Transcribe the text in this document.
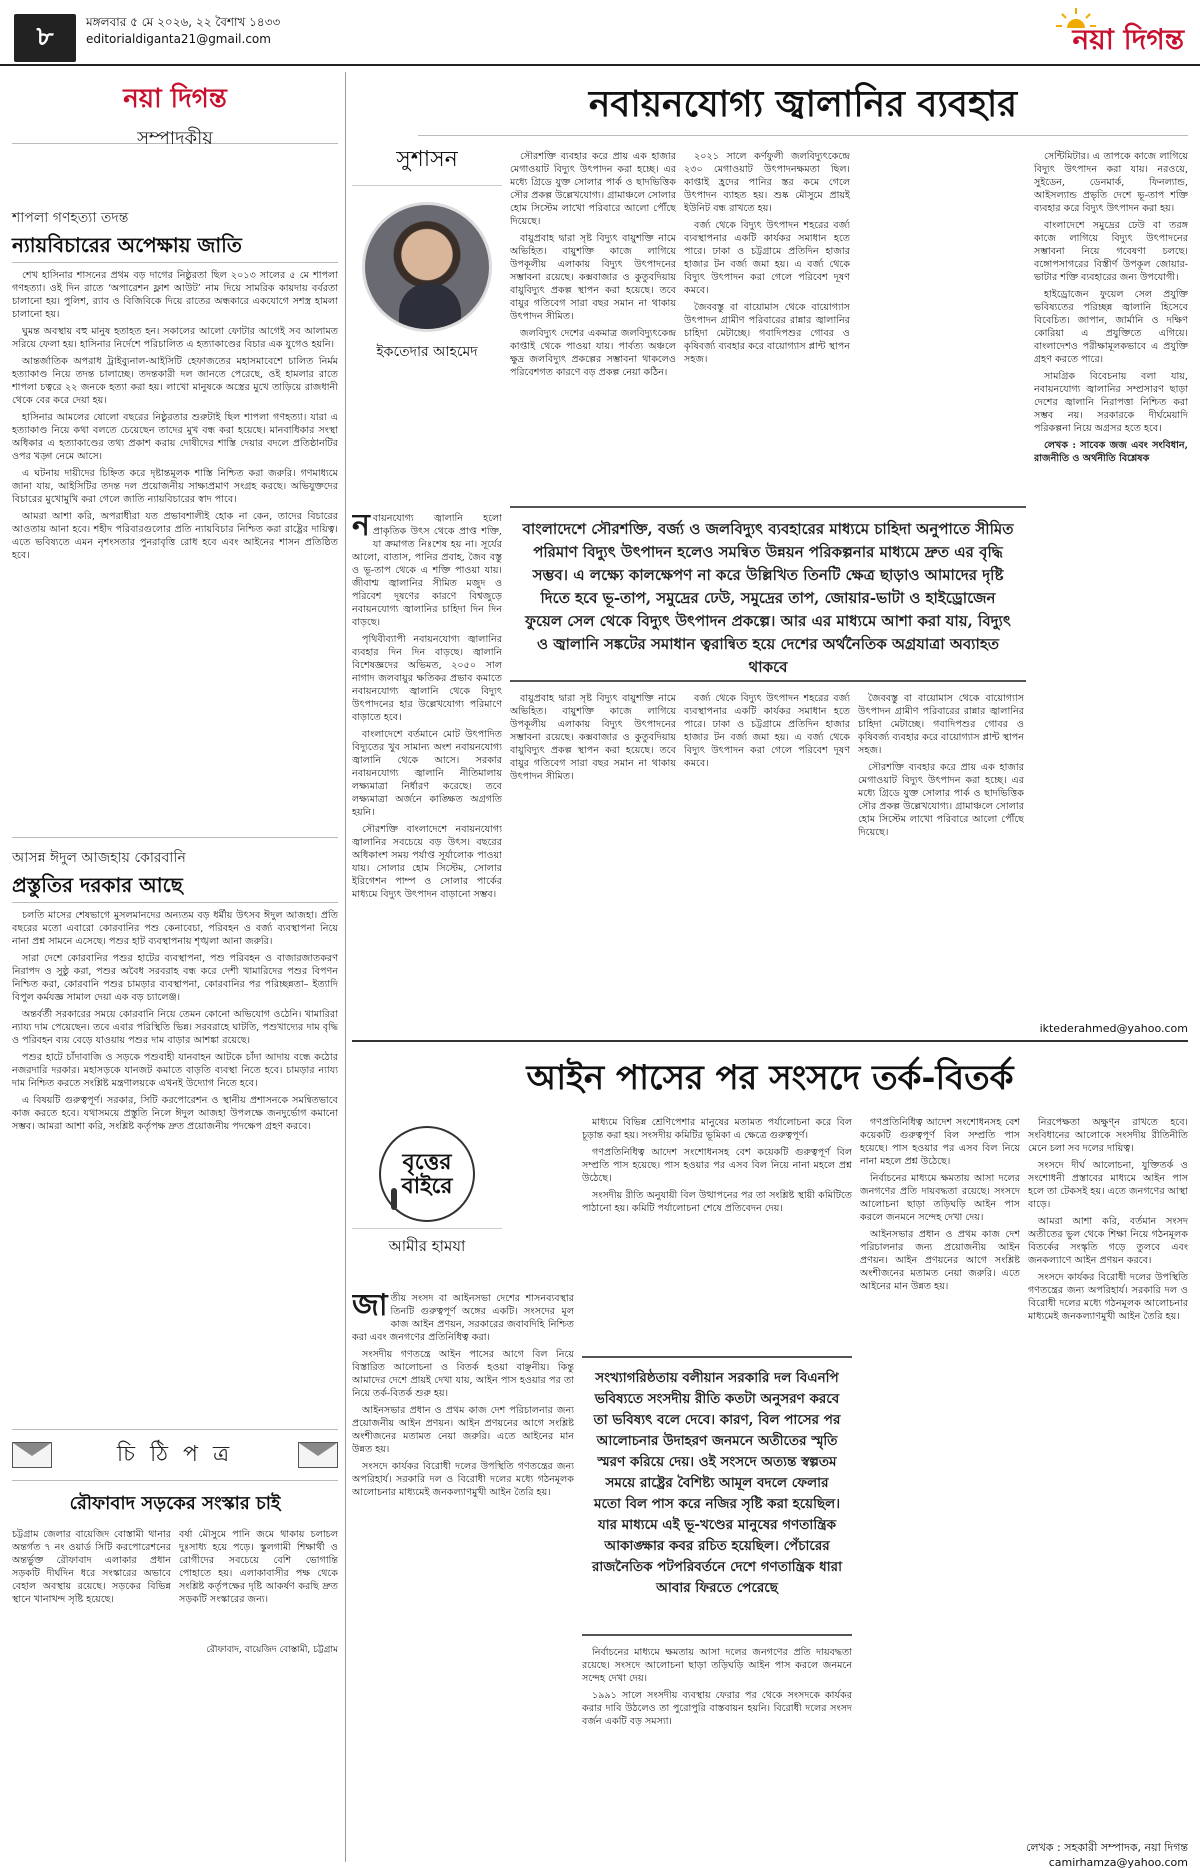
৮	মঙ্গলবার ৫ মে ২০২৬, ২২ বৈশাখ ১৪৩৩
editorialdiganta21@gmail.com	নয়া দিগন্ত
নয়া দিগন্ত
সম্পাদকীয়
শাপলা গণহত্যা তদন্ত
ন্যায়বিচারের অপেক্ষায় জাতি

শেখ হাসিনার শাসনের প্রথম বড় দাগের নিষ্ঠুরতা ছিল ২০১৩ সালের ৫ মে শাপলা গণহত্যা। ওই দিন রাতে ‘অপারেশন ফ্লাশ আউট’ নাম দিয়ে সামরিক কায়দায় বর্বরতা চালানো হয়। পুলিশ, র‌্যাব ও বিজিবিকে দিয়ে রাতের অন্ধকারে একযোগে সশস্ত্র হামলা চালানো হয়।

ঘুমন্ত অবস্থায় বহু মানুষ হতাহত হন। সকালের আলো ফোটার আগেই সব আলামত সরিয়ে ফেলা হয়। হাসিনার নির্দেশে পরিচালিত এ হত্যাকাণ্ডের বিচার এক যুগেও হয়নি।

আন্তর্জাতিক অপরাধ ট্রাইব্যুনাল-আইসিটি হেফাজতের মহাসমাবেশে চালিত নির্মম হত্যাকাণ্ড নিয়ে তদন্ত চালাচ্ছে। তদন্তকারী দল জানতে পেরেছে, ওই হামলার রাতে শাপলা চত্বরে ২২ জনকে হত্যা করা হয়। লাখো মানুষকে অস্ত্রের মুখে তাড়িয়ে রাজধানী থেকে বের করে দেয়া হয়।

হাসিনার আমলের ষোলো বছরের নিষ্ঠুরতার শুরুটাই ছিল শাপলা গণহত্যা। যারা এ হত্যাকাণ্ড নিয়ে কথা বলতে চেয়েছেন তাদের মুখ বন্ধ করা হয়েছে। মানবাধিকার সংস্থা অধিকার এ হত্যাকাণ্ডের তথ্য প্রকাশ করায় দোষীদের শাস্তি দেয়ার বদলে প্রতিষ্ঠানটির ওপর খড়্গ নেমে আসে।

এ ঘটনায় দায়ীদের চিহ্নিত করে দৃষ্টান্তমূলক শাস্তি নিশ্চিত করা জরুরি। গণমাধ্যমে জানা যায়, আইসিটির তদন্ত দল প্রয়োজনীয় সাক্ষ্যপ্রমাণ সংগ্রহ করছে। অভিযুক্তদের বিচারের মুখোমুখি করা গেলে জাতি ন্যায়বিচারের স্বাদ পাবে।

আমরা আশা করি, অপরাধীরা যত প্রভাবশালীই হোক না কেন, তাদের বিচারের আওতায় আনা হবে। শহীদ পরিবারগুলোর প্রতি ন্যায়বিচার নিশ্চিত করা রাষ্ট্রের দায়িত্ব। এতে ভবিষ্যতে এমন নৃশংসতার পুনরাবৃত্তি রোধ হবে এবং আইনের শাসন প্রতিষ্ঠিত হবে।

আসন্ন ঈদুল আজহায় কোরবানি
প্রস্তুতির দরকার আছে

চলতি মাসের শেষভাগে মুসলমানদের অন্যতম বড় ধর্মীয় উৎসব ঈদুল আজহা। প্রতি বছরের মতো এবারো কোরবানির পশু কেনাবেচা, পরিবহন ও বর্জ্য ব্যবস্থাপনা নিয়ে নানা প্রশ্ন সামনে এসেছে। পশুর হাট ব্যবস্থাপনায় শৃঙ্খলা আনা জরুরি।

সারা দেশে কোরবানির পশুর হাটের ব্যবস্থাপনা, পশু পরিবহন ও বাজারজাতকরণ নিরাপদ ও সুষ্ঠু করা, পশুর অবৈধ সরবরাহ বন্ধ করে দেশী খামারিদের পশুর বিপণন নিশ্চিত করা, কোরবানি পশুর চামড়ার ব্যবস্থাপনা, কোরবানির পর পরিচ্ছন্নতা– ইত্যাদি বিপুল কর্মযজ্ঞ সামাল দেয়া এক বড় চ্যালেঞ্জ।

অন্তর্বর্তী সরকারের সময়ে কোরবানি নিয়ে তেমন কোনো অভিযোগ ওঠেনি। খামারিরা ন্যায্য দাম পেয়েছেন। তবে এবার পরিস্থিতি ভিন্ন। সরবরাহে ঘাটতি, পশুখাদ্যের দাম বৃদ্ধি ও পরিবহন ব্যয় বেড়ে যাওয়ায় পশুর দাম বাড়ার আশঙ্কা রয়েছে।

পশুর হাটে চাঁদাবাজি ও সড়কে পশুবাহী যানবাহন আটকে চাঁদা আদায় বন্ধে কঠোর নজরদারি দরকার। মহাসড়কে যানজট কমাতে বাড়তি ব্যবস্থা নিতে হবে। চামড়ার ন্যায্য দাম নিশ্চিত করতে সংশ্লিষ্ট মন্ত্রণালয়কে এখনই উদ্যোগ নিতে হবে।

এ বিষয়টি গুরুত্বপূর্ণ। সরকার, সিটি করপোরেশন ও স্থানীয় প্রশাসনকে সমন্বিতভাবে কাজ করতে হবে। যথাসময়ে প্রস্তুতি নিলে ঈদুল আজহা উপলক্ষে জনদুর্ভোগ কমানো সম্ভব। আমরা আশা করি, সংশ্লিষ্ট কর্তৃপক্ষ দ্রুত প্রয়োজনীয় পদক্ষেপ গ্রহণ করবে।

চি ঠি প ত্র
রৌফাবাদ সড়কের সংস্কার চাই
চট্টগ্রাম জেলার বায়েজিদ বোস্তামী থানার অন্তর্গত ৭ নং ওয়ার্ড সিটি করপোরেশনের অন্তর্ভুক্ত রৌফাবাদ এলাকার প্রধান সড়কটি দীর্ঘদিন ধরে সংস্কারের অভাবে বেহাল অবস্থায় রয়েছে। সড়কের বিভিন্ন স্থানে খানাখন্দ সৃষ্টি হয়েছে।
বর্ষা মৌসুমে পানি জমে থাকায় চলাচল দুঃসাধ্য হয়ে পড়ে। স্কুলগামী শিক্ষার্থী ও রোগীদের সবচেয়ে বেশি ভোগান্তি পোহাতে হয়। এলাকাবাসীর পক্ষ থেকে সংশ্লিষ্ট কর্তৃপক্ষের দৃষ্টি আকর্ষণ করছি দ্রুত সড়কটি সংস্কারের জন্য।
রৌফাবাদ, বায়েজিদ বোস্তামী, চট্টগ্রাম
নবায়নযোগ্য জ্বালানির ব্যবহার
সুশাসন
ইকতেদার আহমেদ

নবায়নযোগ্য জ্বালানি হলো প্রাকৃতিক উৎস থেকে প্রাপ্ত শক্তি, যা ক্রমাগত নিঃশেষ হয় না। সূর্যের আলো, বাতাস, পানির প্রবাহ, জৈব বস্তু ও ভূ-তাপ থেকে এ শক্তি পাওয়া যায়। জীবাশ্ম জ্বালানির সীমিত মজুদ ও পরিবেশ দূষণের কারণে বিশ্বজুড়ে নবায়নযোগ্য জ্বালানির চাহিদা দিন দিন বাড়ছে।

পৃথিবীব্যাপী নবায়নযোগ্য জ্বালানির ব্যবহার দিন দিন বাড়ছে। জ্বালানি বিশেষজ্ঞদের অভিমত, ২০৫০ সাল নাগাদ জলবায়ুর ক্ষতিকর প্রভাব কমাতে নবায়নযোগ্য জ্বালানি থেকে বিদ্যুৎ উৎপাদনের হার উল্লেখযোগ্য পরিমাণে বাড়াতে হবে।

বাংলাদেশে বর্তমানে মোট উৎপাদিত বিদ্যুতের খুব সামান্য অংশ নবায়নযোগ্য জ্বালানি থেকে আসে। সরকার নবায়নযোগ্য জ্বালানি নীতিমালায় লক্ষ্যমাত্রা নির্ধারণ করেছে। তবে লক্ষ্যমাত্রা অর্জনে কাঙ্ক্ষিত অগ্রগতি হয়নি।

সৌরশক্তি বাংলাদেশে নবায়নযোগ্য জ্বালানির সবচেয়ে বড় উৎস। বছরের অধিকাংশ সময় পর্যাপ্ত সূর্যালোক পাওয়া যায়। সোলার হোম সিস্টেম, সোলার ইরিগেশন পাম্প ও সোলার পার্কের মাধ্যমে বিদ্যুৎ উৎপাদন বাড়ানো সম্ভব।

সৌরশক্তি ব্যবহার করে প্রায় এক হাজার মেগাওয়াট বিদ্যুৎ উৎপাদন করা হচ্ছে। এর মধ্যে গ্রিডে যুক্ত সোলার পার্ক ও ছাদভিত্তিক সৌর প্রকল্প উল্লেখযোগ্য। গ্রামাঞ্চলে সোলার হোম সিস্টেম লাখো পরিবারে আলো পৌঁছে দিয়েছে।

বায়ুপ্রবাহ দ্বারা সৃষ্ট বিদ্যুৎ বায়ুশক্তি নামে অভিহিত। বায়ুশক্তি কাজে লাগিয়ে উপকূলীয় এলাকায় বিদ্যুৎ উৎপাদনের সম্ভাবনা রয়েছে। কক্সবাজার ও কুতুবদিয়ায় বায়ুবিদ্যুৎ প্রকল্প স্থাপন করা হয়েছে। তবে বায়ুর গতিবেগ সারা বছর সমান না থাকায় উৎপাদন সীমিত।

জলবিদ্যুৎ দেশের একমাত্র জলবিদ্যুৎকেন্দ্র কাপ্তাই থেকে পাওয়া যায়। পার্বত্য অঞ্চলে ক্ষুদ্র জলবিদ্যুৎ প্রকল্পের সম্ভাবনা থাকলেও পরিবেশগত কারণে বড় প্রকল্প নেয়া কঠিন।

২০২১ সালে কর্ণফুলী জলবিদ্যুৎকেন্দ্রে ২৩০ মেগাওয়াট উৎপাদনক্ষমতা ছিল। কাপ্তাই হ্রদের পানির স্তর কমে গেলে উৎপাদন ব্যাহত হয়। শুষ্ক মৌসুমে প্রায়ই ইউনিট বন্ধ রাখতে হয়।

বর্জ্য থেকে বিদ্যুৎ উৎপাদন শহরের বর্জ্য ব্যবস্থাপনার একটি কার্যকর সমাধান হতে পারে। ঢাকা ও চট্টগ্রামে প্রতিদিন হাজার হাজার টন বর্জ্য জমা হয়। এ বর্জ্য থেকে বিদ্যুৎ উৎপাদন করা গেলে পরিবেশ দূষণ কমবে।

জৈববস্তু বা বায়োমাস থেকে বায়োগ্যাস উৎপাদন গ্রামীণ পরিবারের রান্নার জ্বালানির চাহিদা মেটাচ্ছে। গবাদিপশুর গোবর ও কৃষিবর্জ্য ব্যবহার করে বায়োগ্যাস প্লান্ট স্থাপন সহজ।

বাংলাদেশে সৌরশক্তি, বর্জ্য ও জলবিদ্যুৎ ব্যবহারের মাধ্যমে চাহিদা অনুপাতে সীমিত পরিমাণ বিদ্যুৎ উৎপাদন হলেও সমন্বিত উন্নয়ন পরিকল্পনার মাধ্যমে দ্রুত এর বৃদ্ধি সম্ভব। এ লক্ষ্যে কালক্ষেপণ না করে উল্লিখিত তিনটি ক্ষেত্র ছাড়াও আমাদের দৃষ্টি দিতে হবে ভূ-তাপ, সমুদ্রের ঢেউ, সমুদ্রের তাপ, জোয়ার-ভাটা ও হাইড্রোজেন ফুয়েল সেল থেকে বিদ্যুৎ উৎপাদন প্রকল্পে। আর এর মাধ্যমে আশা করা যায়, বিদ্যুৎ ও জ্বালানি সঙ্কটের সমাধান ত্বরান্বিত হয়ে দেশের অর্থনৈতিক অগ্রযাত্রা অব্যাহত থাকবে

বায়ুপ্রবাহ দ্বারা সৃষ্ট বিদ্যুৎ বায়ুশক্তি নামে অভিহিত। বায়ুশক্তি কাজে লাগিয়ে উপকূলীয় এলাকায় বিদ্যুৎ উৎপাদনের সম্ভাবনা রয়েছে। কক্সবাজার ও কুতুবদিয়ায় বায়ুবিদ্যুৎ প্রকল্প স্থাপন করা হয়েছে। তবে বায়ুর গতিবেগ সারা বছর সমান না থাকায় উৎপাদন সীমিত।

বর্জ্য থেকে বিদ্যুৎ উৎপাদন শহরের বর্জ্য ব্যবস্থাপনার একটি কার্যকর সমাধান হতে পারে। ঢাকা ও চট্টগ্রামে প্রতিদিন হাজার হাজার টন বর্জ্য জমা হয়। এ বর্জ্য থেকে বিদ্যুৎ উৎপাদন করা গেলে পরিবেশ দূষণ কমবে।

জৈববস্তু বা বায়োমাস থেকে বায়োগ্যাস উৎপাদন গ্রামীণ পরিবারের রান্নার জ্বালানির চাহিদা মেটাচ্ছে। গবাদিপশুর গোবর ও কৃষিবর্জ্য ব্যবহার করে বায়োগ্যাস প্লান্ট স্থাপন সহজ।

সৌরশক্তি ব্যবহার করে প্রায় এক হাজার মেগাওয়াট বিদ্যুৎ উৎপাদন করা হচ্ছে। এর মধ্যে গ্রিডে যুক্ত সোলার পার্ক ও ছাদভিত্তিক সৌর প্রকল্প উল্লেখযোগ্য। গ্রামাঞ্চলে সোলার হোম সিস্টেম লাখো পরিবারে আলো পৌঁছে দিয়েছে।

সেন্টিমিটার। এ তাপকে কাজে লাগিয়ে বিদ্যুৎ উৎপাদন করা যায়। নরওয়ে, সুইডেন, ডেনমার্ক, ফিনল্যান্ড, আইসল্যান্ড প্রভৃতি দেশে ভূ-তাপ শক্তি ব্যবহার করে বিদ্যুৎ উৎপাদন করা হয়।

বাংলাদেশে সমুদ্রের ঢেউ বা তরঙ্গ কাজে লাগিয়ে বিদ্যুৎ উৎপাদনের সম্ভাবনা নিয়ে গবেষণা চলছে। বঙ্গোপসাগরের বিস্তীর্ণ উপকূল জোয়ার-ভাটার শক্তি ব্যবহারের জন্য উপযোগী।

হাইড্রোজেন ফুয়েল সেল প্রযুক্তি ভবিষ্যতের পরিচ্ছন্ন জ্বালানি হিসেবে বিবেচিত। জাপান, জার্মানি ও দক্ষিণ কোরিয়া এ প্রযুক্তিতে এগিয়ে। বাংলাদেশও পরীক্ষামূলকভাবে এ প্রযুক্তি গ্রহণ করতে পারে।

সামগ্রিক বিবেচনায় বলা যায়, নবায়নযোগ্য জ্বালানির সম্প্রসারণ ছাড়া দেশের জ্বালানি নিরাপত্তা নিশ্চিত করা সম্ভব নয়। সরকারকে দীর্ঘমেয়াদি পরিকল্পনা নিয়ে অগ্রসর হতে হবে।

লেখক : সাবেক জজ এবং সংবিধান, রাজনীতি ও অর্থনীতি বিশ্লেষক

iktederahmed@yahoo.com
আইন পাসের পর সংসদে তর্ক-বিতর্ক
বৃত্তের বাইরে
আমীর হামযা

জাতীয় সংসদ বা আইনসভা দেশের শাসনব্যবস্থার তিনটি গুরুত্বপূর্ণ অঙ্গের একটি। সংসদের মূল কাজ আইন প্রণয়ন, সরকারের জবাবদিহি নিশ্চিত করা এবং জনগণের প্রতিনিধিত্ব করা।

সংসদীয় গণতন্ত্রে আইন পাসের আগে বিল নিয়ে বিস্তারিত আলোচনা ও বিতর্ক হওয়া বাঞ্ছনীয়। কিন্তু আমাদের দেশে প্রায়ই দেখা যায়, আইন পাস হওয়ার পর তা নিয়ে তর্ক-বিতর্ক শুরু হয়।

আইনসভার প্রধান ও প্রথম কাজ দেশ পরিচালনার জন্য প্রয়োজনীয় আইন প্রণয়ন। আইন প্রণয়নের আগে সংশ্লিষ্ট অংশীজনের মতামত নেয়া জরুরি। এতে আইনের মান উন্নত হয়।

সংসদে কার্যকর বিরোধী দলের উপস্থিতি গণতন্ত্রের জন্য অপরিহার্য। সরকারি দল ও বিরোধী দলের মধ্যে গঠনমূলক আলোচনার মাধ্যমেই জনকল্যাণমুখী আইন তৈরি হয়।

মাধ্যমে বিভিন্ন শ্রেণিপেশার মানুষের মতামত পর্যালোচনা করে বিল চূড়ান্ত করা হয়। সংসদীয় কমিটির ভূমিকা এ ক্ষেত্রে গুরুত্বপূর্ণ।

গণপ্রতিনিধিত্ব আদেশ সংশোধনসহ বেশ কয়েকটি গুরুত্বপূর্ণ বিল সম্প্রতি পাস হয়েছে। পাস হওয়ার পর এসব বিল নিয়ে নানা মহলে প্রশ্ন উঠেছে।

সংসদীয় রীতি অনুযায়ী বিল উত্থাপনের পর তা সংশ্লিষ্ট স্থায়ী কমিটিতে পাঠানো হয়। কমিটি পর্যালোচনা শেষে প্রতিবেদন দেয়।

সংখ্যাগরিষ্ঠতায় বলীয়ান সরকারি দল বিএনপি ভবিষ্যতে সংসদীয় রীতি কতটা অনুসরণ করবে তা ভবিষ্যৎ বলে দেবে। কারণ, বিল পাসের পর আলোচনার উদাহরণ জনমনে অতীতের স্মৃতি স্মরণ করিয়ে দেয়। ওই সংসদে অত্যন্ত স্বল্পতম সময়ে রাষ্ট্রের বৈশিষ্ট্য আমূল বদলে ফেলার মতো বিল পাস করে নজির সৃষ্টি করা হয়েছিল। যার মাধ্যমে এই ভূ-খণ্ডের মানুষের গণতান্ত্রিক আকাঙ্ক্ষার কবর রচিত হয়েছিল। পেঁচারের রাজনৈতিক পটপরিবর্তনে দেশে গণতান্ত্রিক ধারা আবার ফিরতে পেরেছে

নির্বাচনের মাধ্যমে ক্ষমতায় আসা দলের জনগণের প্রতি দায়বদ্ধতা রয়েছে। সংসদে আলোচনা ছাড়া তড়িঘড়ি আইন পাস করলে জনমনে সন্দেহ দেখা দেয়।

১৯৯১ সালে সংসদীয় ব্যবস্থায় ফেরার পর থেকে সংসদকে কার্যকর করার দাবি উঠলেও তা পুরোপুরি বাস্তবায়ন হয়নি। বিরোধী দলের সংসদ বর্জন একটি বড় সমস্যা।

গণপ্রতিনিধিত্ব আদেশ সংশোধনসহ বেশ কয়েকটি গুরুত্বপূর্ণ বিল সম্প্রতি পাস হয়েছে। পাস হওয়ার পর এসব বিল নিয়ে নানা মহলে প্রশ্ন উঠেছে।

নির্বাচনের মাধ্যমে ক্ষমতায় আসা দলের জনগণের প্রতি দায়বদ্ধতা রয়েছে। সংসদে আলোচনা ছাড়া তড়িঘড়ি আইন পাস করলে জনমনে সন্দেহ দেখা দেয়।

আইনসভার প্রধান ও প্রথম কাজ দেশ পরিচালনার জন্য প্রয়োজনীয় আইন প্রণয়ন। আইন প্রণয়নের আগে সংশ্লিষ্ট অংশীজনের মতামত নেয়া জরুরি। এতে আইনের মান উন্নত হয়।

নিরপেক্ষতা অক্ষুণ্ন রাখতে হবে। সংবিধানের আলোকে সংসদীয় রীতিনীতি মেনে চলা সব দলের দায়িত্ব।

সংসদে দীর্ঘ আলোচনা, যুক্তিতর্ক ও সংশোধনী প্রস্তাবের মাধ্যমে আইন পাস হলে তা টেকসই হয়। এতে জনগণের আস্থা বাড়ে।

আমরা আশা করি, বর্তমান সংসদ অতীতের ভুল থেকে শিক্ষা নিয়ে গঠনমূলক বিতর্কের সংস্কৃতি গড়ে তুলবে এবং জনকল্যাণে আইন প্রণয়ন করবে।

সংসদে কার্যকর বিরোধী দলের উপস্থিতি গণতন্ত্রের জন্য অপরিহার্য। সরকারি দল ও বিরোধী দলের মধ্যে গঠনমূলক আলোচনার মাধ্যমেই জনকল্যাণমুখী আইন তৈরি হয়।

লেখক : সহকারী সম্পাদক, নয়া দিগন্ত
camirhamza@yahoo.com
